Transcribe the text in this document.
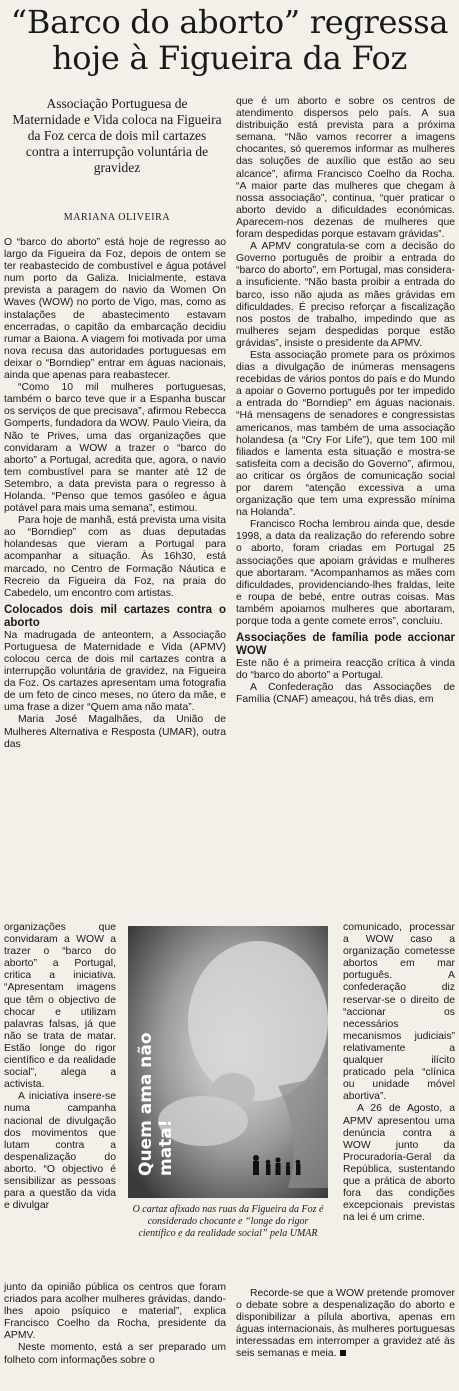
“Barco do aborto” regressa hoje à Figueira da Foz

Associação Portuguesa de Maternidade e Vida coloca na Figueira da Foz cerca de dois mil cartazes contra a interrupção voluntária de gravidez

MARIANA OLIVEIRA

O “barco do aborto” está hoje de regresso ao largo da Figueira da Foz, depois de ontem se ter reabastecido de combustível e água potável num porto da Galiza. Inicialmente, estava prevista a paragem do navio da Women On Waves (WOW) no porto de Vigo, mas, como as instalações de abastecimento estavam encerradas, o capitão da embarcação decidiu rumar a Baiona. A viagem foi motivada por uma nova recusa das autoridades portuguesas em deixar o “Borndiep” entrar em águas nacionais, ainda que apenas para reabastecer.

“Como 10 mil mulheres portuguesas, também o barco teve que ir a Espanha buscar os serviços de que precisava”, afirmou Rebecca Gomperts, fundadora da WOW. Paulo Vieira, da Não te Prives, uma das organizações que convidaram a WOW a trazer o “barco do aborto” a Portugal, acredita que, agora, o navio tem combustível para se manter até 12 de Setembro, a data prevista para o regresso à Holanda. “Penso que temos gasóleo e água potável para mais uma semana”, estimou.

Para hoje de manhã, está prevista uma visita ao “Borndiep” com as duas deputadas holandesas que vieram a Portugal para acompanhar a situação. Às 16h30, está marcado, no Centro de Formação Náutica e Recreio da Figueira da Foz, na praia do Cabedelo, um encontro com artistas.

Colocados dois mil cartazes contra o aborto

Na madrugada de anteontem, a Associação Portuguesa de Maternidade e Vida (APMV) colocou cerca de dois mil cartazes contra a interrupção voluntária de gravidez, na Figueira da Foz. Os cartazes apresentam uma fotografia de um feto de cinco meses, no útero da mãe, e uma frase a dizer “Quem ama não mata”.

Maria José Magalhães, da União de Mulheres Alternativa e Resposta (UMAR), outra das

organizações que convidaram a WOW a trazer o “barco do aborto” a Portugal, critica a iniciativa. “Apresentam imagens que têm o objectivo de chocar e utilizam palavras falsas, já que não se trata de matar. Estão longe do rigor científico e da realidade social”, alega a activista.

A iniciativa insere-se numa campanha nacional de divulgação dos movimentos que lutam contra a despenalização do aborto. “O objectivo é sensibilizar as pessoas para a questão da vida e divulgar

junto da opinião pública os centros que foram criados para acolher mulheres grávidas, dando-lhes apoio psíquico e material”, explica Francisco Coelho da Rocha, presidente da APMV.

Neste momento, está a ser preparado um folheto com informações sobre o

que é um aborto e sobre os centros de atendimento dispersos pelo país. A sua distribuição está prevista para a próxima semana. “Não vamos recorrer a imagens chocantes, só queremos informar as mulheres das soluções de auxílio que estão ao seu alcance”, afirma Francisco Coelho da Rocha. “A maior parte das mulheres que chegam à nossa associação”, continua, “quer praticar o aborto devido a dificuldades económicas. Aparecem-nos dezenas de mulheres que foram despedidas porque estavam grávidas”.

A APMV congratula-se com a decisão do Governo português de proibir a entrada do “barco do aborto”, em Portugal, mas considera-a insuficiente. “Não basta proibir a entrada do barco, isso não ajuda as mães grávidas em dificuldades. É preciso reforçar a fiscalização nos postos de trabalho, impedindo que as mulheres sejam despedidas porque estão grávidas”, insiste o presidente da APMV.

Esta associação promete para os próximos dias a divulgação de inúmeras mensagens recebidas de vários pontos do país e do Mundo a apoiar o Governo português por ter impedido a entrada do “Borndiep” em águas nacionais. “Há mensagens de senadores e congressistas americanos, mas também de uma associação holandesa (a “Cry For Life”), que tem 100 mil filiados e lamenta esta situação e mostra-se satisfeita com a decisão do Governo”, afirmou, ao criticar os órgãos de comunicação social por darem “atenção excessiva a uma organização que tem uma expressão mínima na Holanda”.

Francisco Rocha lembrou ainda que, desde 1998, a data da realização do referendo sobre o aborto, foram criadas em Portugal 25 associações que apoiam grávidas e mulheres que abortaram. “Acompanhamos as mães com dificuldades, providenciando-lhes fraldas, leite e roupa de bebé, entre outras coisas. Mas também apoiamos mulheres que abortaram, porque toda a gente comete erros”, concluiu.

Associações de família pode accionar WOW

Este não é a primeira reacção crítica à vinda do “barco do aborto” a Portugal.

A Confederação das Associações de Família (CNAF) ameaçou, há três dias, em

comunicado, processar a WOW caso a organização cometesse abortos em mar português. A confederação diz reservar-se o direito de “accionar os necessários mecanismos judiciais” relativamente a qualquer ilícito praticado pela “clínica ou unidade móvel abortiva”.

A 26 de Agosto, a APMV apresentou uma denúncia contra a WOW junto da Procuradoria-Geral da República, sustentando que a prática de aborto fora das condições excepcionais previstas na lei é um crime.

Recorde-se que a WOW pretende promover o debate sobre a despenalização do aborto e disponibilizar a pílula abortiva, apenas em águas internacionais, às mulheres portuguesas interessadas em interromper a gravidez até às seis semanas e meia.

Quem ama não mata!
O cartaz afixado nas ruas da Figueira da Foz é considerado chocante e “longe do rigor científico e da realidade social” pela UMAR
